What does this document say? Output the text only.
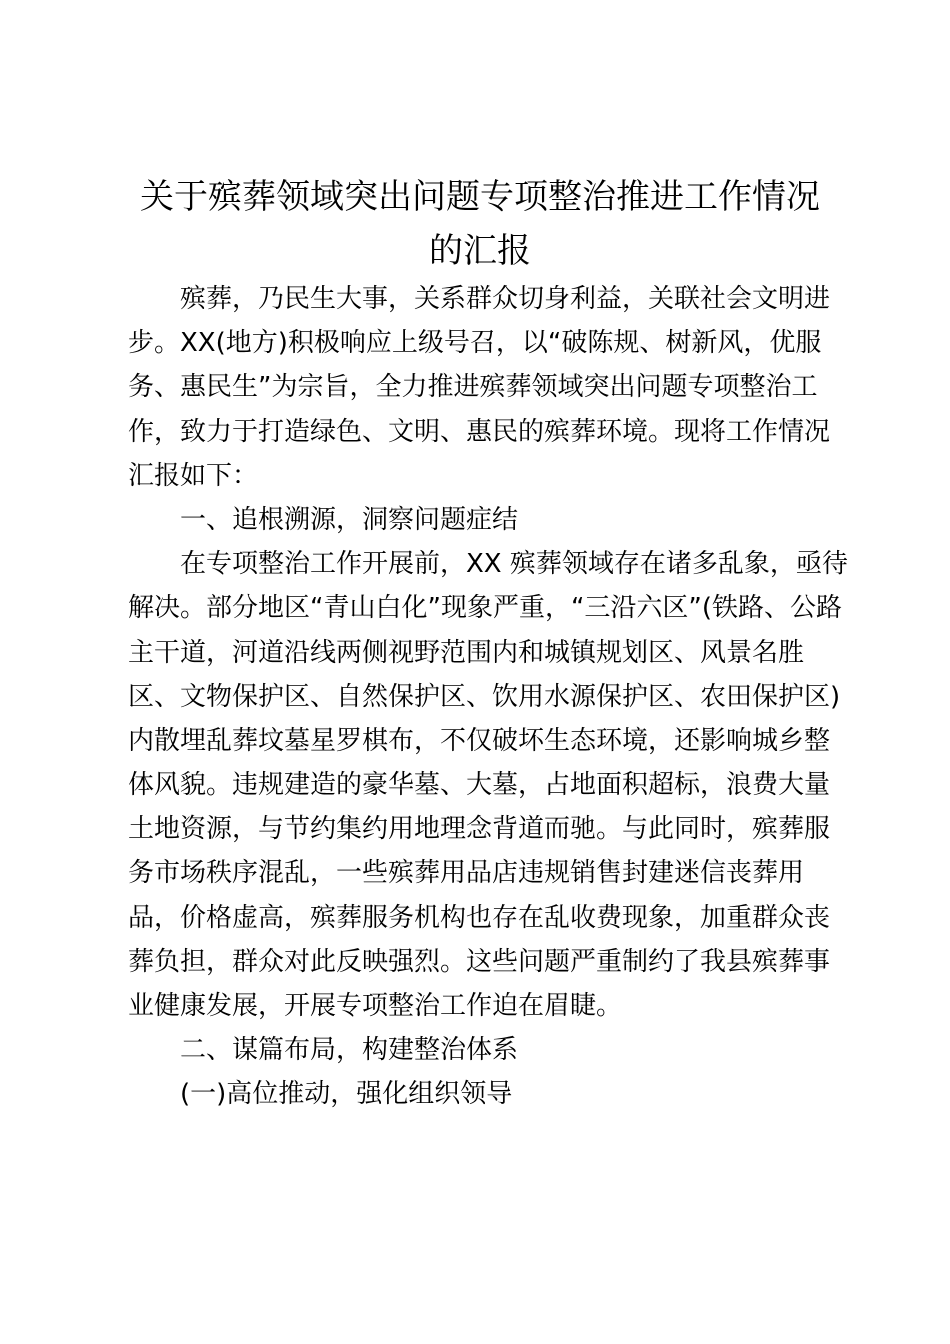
关于殡葬领域突出问题专项整治推进工作情况
的汇报
殡葬，乃民生大事，关系群众切身利益，关联社会文明进
步。XX(地方)积极响应上级号召，以“破陈规、树新风，优服
务、惠民生”为宗旨，全力推进殡葬领域突出问题专项整治工
作，致力于打造绿色、文明、惠民的殡葬环境。现将工作情况
汇报如下：
一、追根溯源，洞察问题症结
在专项整治工作开展前，XX 殡葬领域存在诸多乱象，亟待
解决。部分地区“青山白化”现象严重，“三沿六区”(铁路、公路
主干道，河道沿线两侧视野范围内和城镇规划区、风景名胜
区、文物保护区、自然保护区、饮用水源保护区、农田保护区)
内散埋乱葬坟墓星罗棋布，不仅破坏生态环境，还影响城乡整
体风貌。违规建造的豪华墓、大墓，占地面积超标，浪费大量
土地资源，与节约集约用地理念背道而驰。与此同时，殡葬服
务市场秩序混乱，一些殡葬用品店违规销售封建迷信丧葬用
品，价格虚高，殡葬服务机构也存在乱收费现象，加重群众丧
葬负担，群众对此反映强烈。这些问题严重制约了我县殡葬事
业健康发展，开展专项整治工作迫在眉睫。
二、谋篇布局，构建整治体系
(一)高位推动，强化组织领导
